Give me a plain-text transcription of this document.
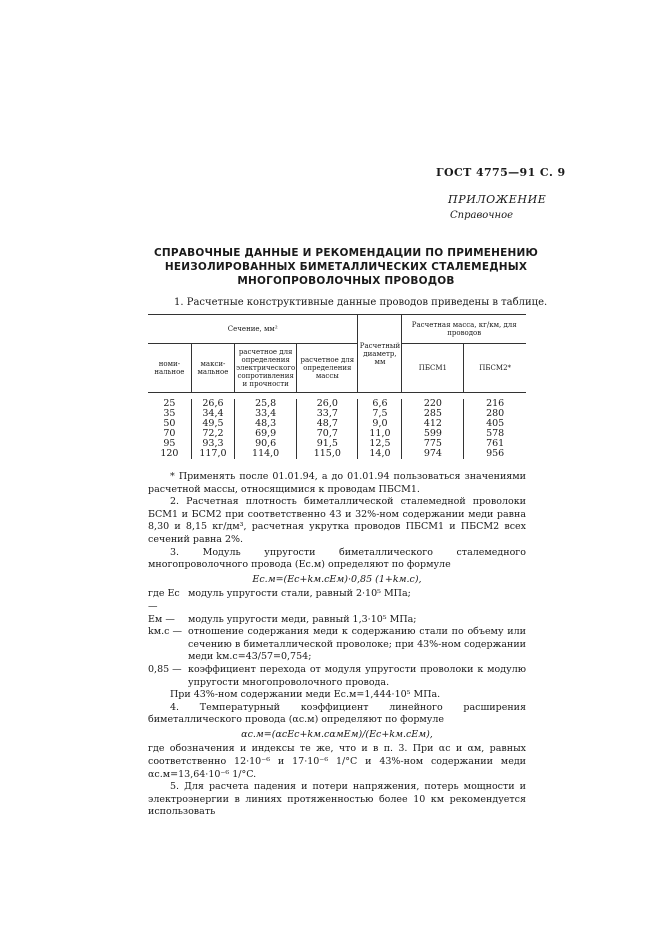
ГОСТ 4775—91 С. 9
ПРИЛОЖЕНИЕ
Справочное
СПРАВОЧНЫЕ ДАННЫЕ И РЕКОМЕНДАЦИИ ПО ПРИМЕНЕНИЮ
НЕИЗОЛИРОВАННЫХ БИМЕТАЛЛИЧЕСКИХ СТАЛЕМЕДНЫХ
МНОГОПРОВОЛОЧНЫХ ПРОВОДОВ
1. Расчетные конструктивные данные проводов приведены в таблице.
Сечение, мм²				Расчетный диаметр, мм	Расчетная масса, кг/км, для проводов	
номи-нальное	макси-мальное	расчетное для определения электрического сопротивления и прочности	расчетное для определения массы		ПБСМ1	ПБСМ2*

25	26,6	25,8	26,0	6,6	220	216
35	34,4	33,4	33,7	7,5	285	280
50	49,5	48,3	48,7	9,0	412	405
70	72,2	69,9	70,7	11,0	599	578
95	93,3	90,6	91,5	12,5	775	761
120	117,0	114,0	115,0	14,0	974	956

* Применять после 01.01.94, а до 01.01.94 пользоваться значениями расчетной массы, относящимися к проводам ПБСМ1.

2. Расчетная плотность биметаллической сталемедной проволоки БСМ1 и БСМ2 при соответственно 43 и 32%-ном содержании меди равна 8,30 и 8,15 кг/дм³, расчетная укрутка проводов ПБСМ1 и ПБСМ2 всех сечений равна 2%.

3. Модуль упругости биметаллического сталемедного многопроволочного провода (Ec.м) определяют по формуле

Ec.м=(Ec+kм.cEм)·0,85 (1+kм.c),

где Ec —
модуль упругости стали, равный 2·10⁵ МПа;
Eм —	модуль упругости меди, равный 1,3·10⁵ МПа;
kм.c — отношение содержания меди к содержанию стали по объему или сечению в биметаллической проволоке; при 43%-ном содержании меди kм.c=43/57=0,754;
0,85 — коэффициент перехода от модуля упругости проволоки к модулю упругости многопроволочного провода.

При 43%-ном содержании меди Ec.м=1,444·10⁵ МПа.

4. Температурный коэффициент линейного расширения биметаллического провода (αc.м) определяют по формуле

αc.м=(αcEc+kм.cαмEм)/(Ec+kм.cEм),

где обозначения и индексы те же, что и в п. 3. При αc и αм, равных соответственно 12·10⁻⁶ и 17·10⁻⁶ 1/°C и 43%-ном содержании меди αc.м=13,64·10⁻⁶ 1/°C.

5. Для расчета падения и потери напряжения, потерь мощности и электроэнергии в линиях протяженностью более 10 км рекомендуется использовать
